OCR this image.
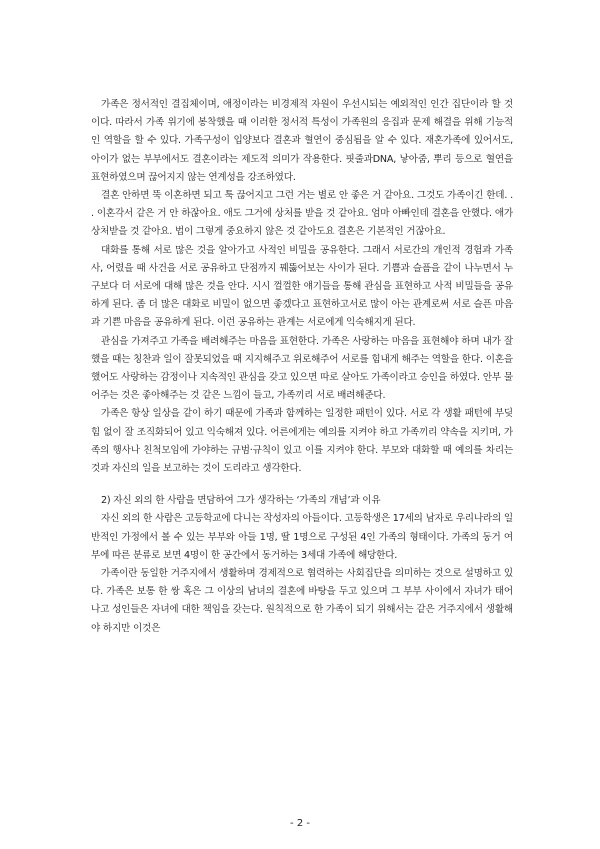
가족은 정서적인 결집체이며, 애정이라는 비경제적 자원이 우선시되는 예외적인 인간 집단이라 할 것이다. 따라서 가족 위기에 봉착했을 때 이러한 정서적 특성이 가족원의 응집과 문제 해결을 위해 기능적인 역할을 할 수 있다. 가족구성이 입양보다 결혼과 혈연이 중심됨을 알 수 있다. 재혼가족에 있어서도, 아이가 없는 부부에서도 결혼이라는 제도적 의미가 작용한다. 핏줄과DNA, 낳아줌, 뿌리 등으로 혈연을 표현하였으며 끊어지지 않는 연계성을 강조하였다.

결혼 안하면 뚝 이혼하면 되고 툭 끊어지고 그런 거는 별로 안 좋은 거 같아요. 그것도 가족이긴 한데. . . 이혼각서 같은 거 안 하잖아요. 애도 그거에 상처를 받을 것 같아요. 엄마 아빠인데 결혼을 안했다. 애가 상처받을 것 같아요. 법이 그렇게 중요하지 않은 것 같아도요 결혼은 기본적인 거잖아요.

대화를 통해 서로 많은 것을 알아가고 사적인 비밀을 공유한다. 그래서 서로간의 개인적 경험과 가족사, 어렸을 때 사건을 서로 공유하고 단점까지 꿰뚫어보는 사이가 된다. 기쁨과 슬픔을 같이 나누면서 누구보다 더 서로에 대해 많은 것을 안다. 시시 껄껄한 얘기들을 통해 관심을 표현하고 사적 비밀들을 공유하게 된다. 좀 더 많은 대화로 비밀이 없으면 좋겠다고 표현하고서로 많이 아는 관계로써 서로 슬픈 마음과 기쁜 마음을 공유하게 된다. 이런 공유하는 관계는 서로에게 익숙해지게 된다.

관심을 가져주고 가족을 배려해주는 마음을 표현한다. 가족은 사랑하는 마음을 표현해야 하며 내가 잘 했을 때는 칭찬과 일이 잘못되었을 때 지지해주고 위로해주어 서로를 힘내게 해주는 역할을 한다. 이혼을 했어도 사랑하는 감정이나 지속적인 관심을 갖고 있으면 따로 살아도 가족이라고 승인을 하였다. 안부 물어주는 것은 좋아해주는 것 같은 느낌이 들고, 가족끼리 서로 배려해준다.

가족은 항상 일상을 같이 하기 때문에 가족과 함께하는 일정한 패턴이 있다. 서로 각 생활 패턴에 부딪힘 없이 잘 조직화되어 있고 익숙해져 있다. 어른에게는 예의를 지켜야 하고 가족끼리 약속을 지키며, 가족의 행사나 친척모임에 가야하는 규범·규칙이 있고 이를 지켜야 한다. 부모와 대화할 때 예의를 차리는것과 자신의 일을 보고하는 것이 도리라고 생각한다.

2) 자신 외의 한 사람을 면담하여 그가 생각하는 ‘가족의 개념’과 이유

자신 외의 한 사람은 고등학교에 다니는 작성자의 아들이다. 고등학생은 17세의 남자로 우리나라의 일반적인 가정에서 볼 수 있는 부부와 아들 1명, 딸 1명으로 구성된 4인 가족의 형태이다. 가족의 동거 여부에 따른 분류로 보면 4명이 한 공간에서 동거하는 3세대 가족에 해당한다.

가족이란 동일한 거주지에서 생활하며 경제적으로 협력하는 사회집단을 의미하는 것으로 설명하고 있다. 가족은 보통 한 쌍 혹은 그 이상의 남녀의 결혼에 바탕을 두고 있으며 그 부부 사이에서 자녀가 태어나고 성인들은 자녀에 대한 책임을 갖는다. 원칙적으로 한 가족이 되기 위해서는 같은 거주지에서 생활해야 하지만 이것은

- 2 -
